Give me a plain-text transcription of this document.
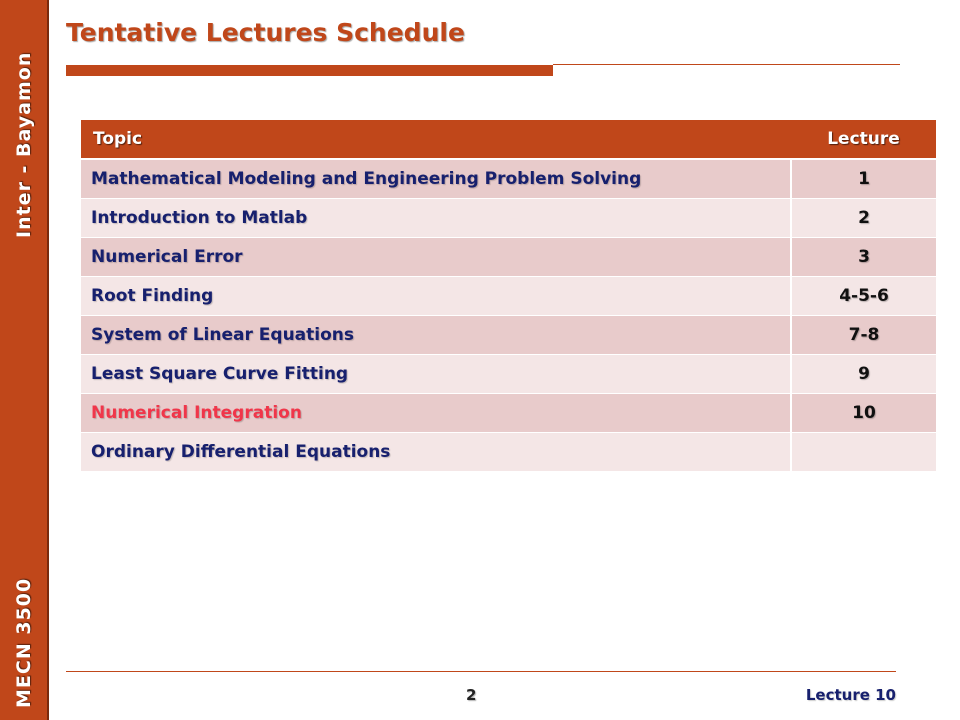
Inter - Bayamon
MECN 3500
Tentative Lectures Schedule
Topic	Lecture
Mathematical Modeling and Engineering Problem Solving	1
Introduction to Matlab	2
Numerical Error	3
Root Finding	4-5-6
System of Linear Equations	7-8
Least Square Curve Fitting	9
Numerical Integration	10
Ordinary Differential Equations	
2	Lecture 10
